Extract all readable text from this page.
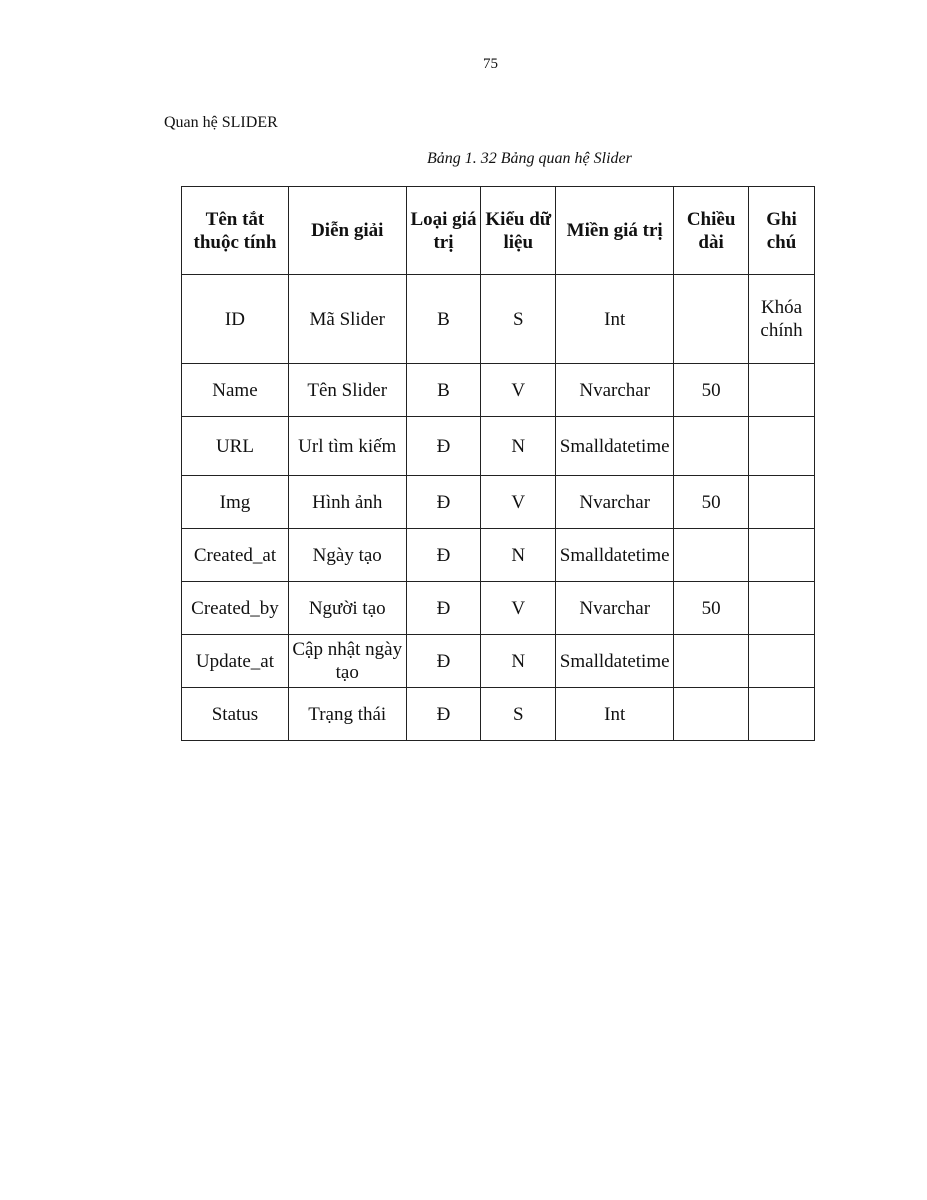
75
Quan hệ SLIDER
Bảng 1. 32 Bảng quan hệ Slider
Tên tắt thuộc tính	Diễn giải	Loại giá trị	Kiểu dữ liệu	Miền giá trị	Chiều dài	Ghi chú
ID	Mã Slider	B	S	Int		Khóa chính
Name	Tên Slider	B	V	Nvarchar	50	
URL	Url tìm kiếm	Đ	N	Smalldatetime		
Img	Hình ảnh	Đ	V	Nvarchar	50	
Created_at	Ngày tạo	Đ	N	Smalldatetime		
Created_by	Người tạo	Đ	V	Nvarchar	50	
Update_at	Cập nhật ngày tạo	Đ	N	Smalldatetime		
Status	Trạng thái	Đ	S	Int		
